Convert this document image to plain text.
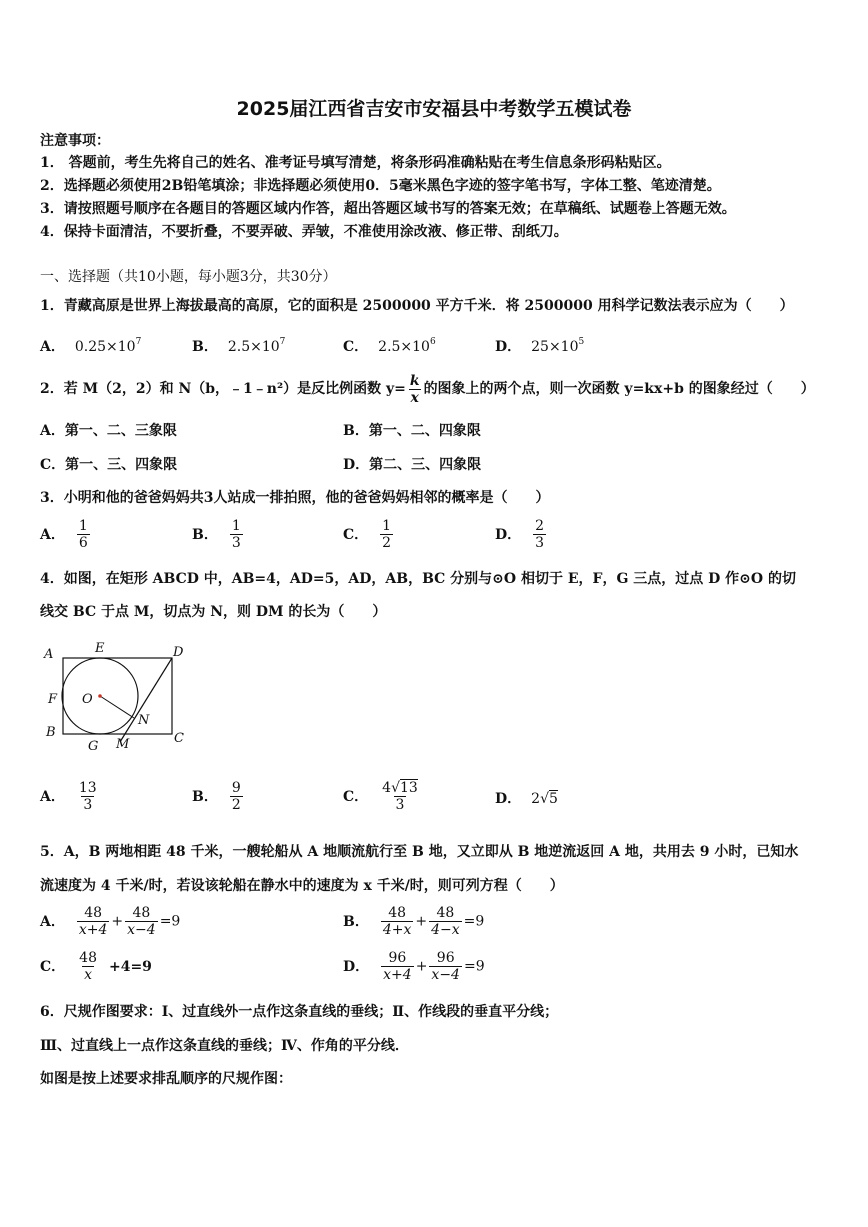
2025届江西省吉安市安福县中考数学五模试卷
注意事项：
1． 答题前，考生先将自己的姓名、准考证号填写清楚，将条形码准确粘贴在考生信息条形码粘贴区。
2．选择题必须使用2B铅笔填涂；非选择题必须使用0．5毫米黑色字迹的签字笔书写，字体工整、笔迹清楚。
3．请按照题号顺序在各题目的答题区域内作答，超出答题区域书写的答案无效；在草稿纸、试题卷上答题无效。
4．保持卡面清洁，不要折叠，不要弄破、弄皱，不准使用涂改液、修正带、刮纸刀。
一、选择题（共10小题，每小题3分，共30分）
1．青藏高原是世界上海拔最高的高原，它的面积是 2500000 平方千米．将 2500000 用科学记数法表示应为（　　）
A． $0.25\times 10^7$	B． $2.5\times 10^7$	C． $2.5\times 10^6$	D． $25\times 10^5$
2．若 M（2，2）和 N（b，﹣1﹣n²）是反比例函数 $y= \frac{k}{x}$ 的图象上的两个点，则一次函数 y=kx+b 的图象经过（　　）
A．第一、二、三象限	B．第一、二、四象限
C．第一、三、四象限	D．第二、三、四象限
3．小明和他的爸爸妈妈共3人站成一排拍照，他的爸爸妈妈相邻的概率是（　　）
A． $\frac{1}{6}$	B． $\frac{1}{3}$	C． $\frac{1}{2}$	D． $\frac{2}{3}$
4．如图，在矩形 ABCD 中，AB=4，AD=5，AD，AB，BC 分别与⊙O 相切于 E，F，G 三点，过点 D 作⊙O 的切
线交 BC 于点 M，切点为 N，则 DM 的长为（　　）
A	E	D
F O
N
B
G M	C
A． $\frac{13}{3}$	B． $\frac{9}{2}$	C． $\frac{4√13}{3}$	D． 2√5
5．A，B 两地相距 48 千米，一艘轮船从 A 地顺流航行至 B 地，又立即从 B 地逆流返回 A 地，共用去 9 小时，已知水
流速度为 4 千米/时，若设该轮船在静水中的速度为 x 千米/时，则可列方程（　　）
A． $\frac{48}{x+4} + \frac{48}{x-4} =9$	B． $\frac{48}{4+x} + \frac{48}{4-x} =9$
C． $\frac{48}{x} +4=9$	D． $\frac{96}{x+4} + \frac{96}{x-4} =9$
6．尺规作图要求：Ⅰ、过直线外一点作这条直线的垂线；Ⅱ、作线段的垂直平分线；
Ⅲ、过直线上一点作这条直线的垂线；Ⅳ、作角的平分线．
如图是按上述要求排乱顺序的尺规作图：
